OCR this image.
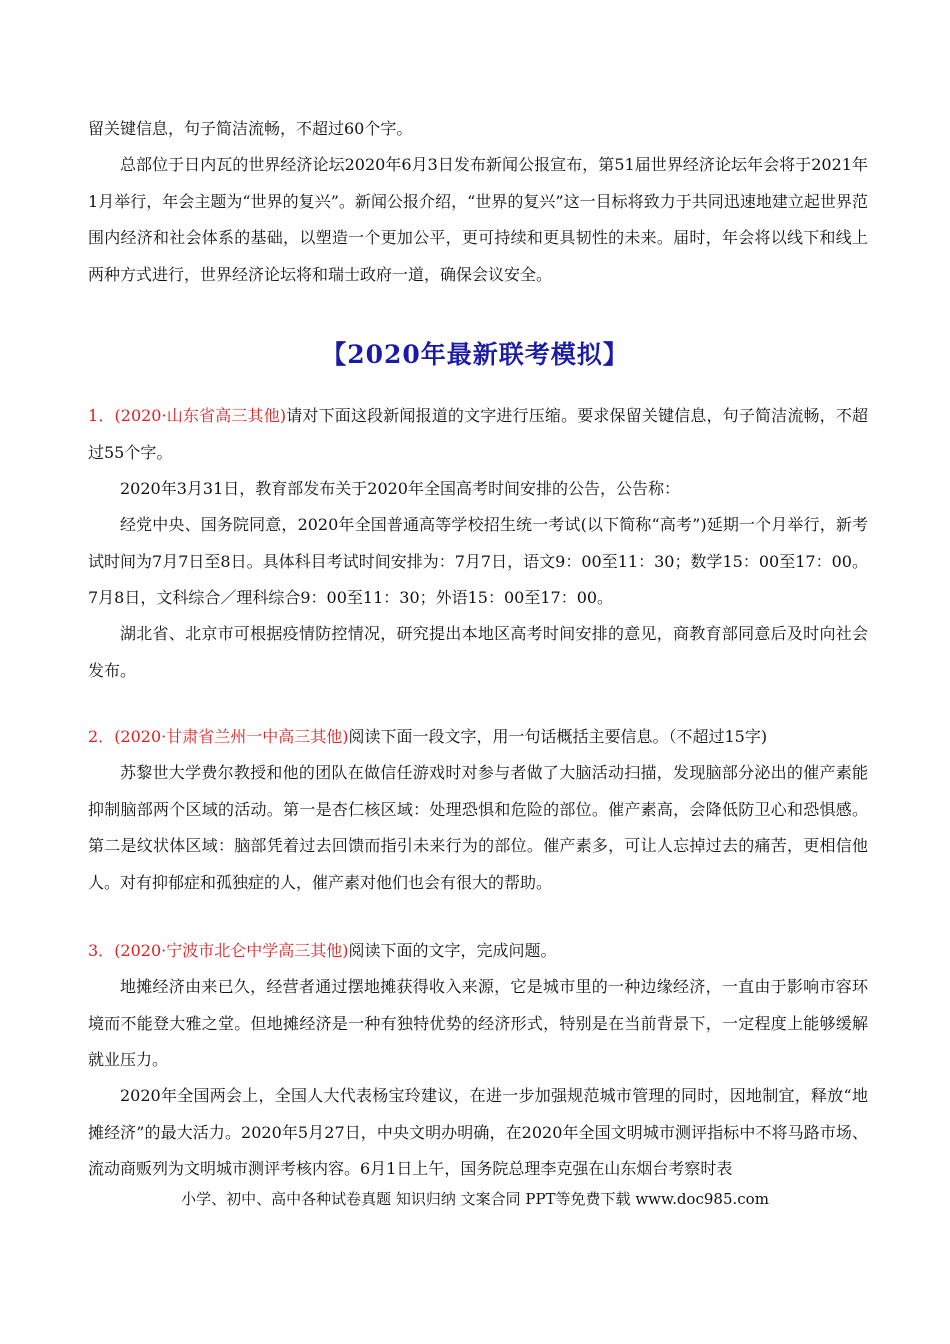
留关键信息，句子简洁流畅，不超过60个字。

总部位于日内瓦的世界经济论坛2020年6月3日发布新闻公报宣布，第51届世界经济论坛年会将于2021年1月举行，年会主题为“世界的复兴”。新闻公报介绍，“世界的复兴”这一目标将致力于共同迅速地建立起世界范围内经济和社会体系的基础，以塑造一个更加公平，更可持续和更具韧性的未来。届时，年会将以线下和线上两种方式进行，世界经济论坛将和瑞士政府一道，确保会议安全。

【2020年最新联考模拟】

1．(2020·山东省高三其他)请对下面这段新闻报道的文字进行压缩。要求保留关键信息，句子简洁流畅，不超过55个字。

2020年3月31日，教育部发布关于2020年全国高考时间安排的公告，公告称：

经党中央、国务院同意，2020年全国普通高等学校招生统一考试(以下简称“高考”)延期一个月举行，新考试时间为7月7日至8日。具体科目考试时间安排为：7月7日，语文9：00至11：30；数学15：00至17：00。7月8日，文科综合／理科综合9：00至11：30；外语15：00至17：00。

湖北省、北京市可根据疫情防控情况，研究提出本地区高考时间安排的意见，商教育部同意后及时向社会发布。

2．(2020·甘肃省兰州一中高三其他)阅读下面一段文字，用一句话概括主要信息。（不超过15字)

苏黎世大学费尔教授和他的团队在做信任游戏时对参与者做了大脑活动扫描，发现脑部分泌出的催产素能抑制脑部两个区域的活动。第一是杏仁核区域：处理恐惧和危险的部位。催产素高，会降低防卫心和恐惧感。第二是纹状体区域：脑部凭着过去回馈而指引未来行为的部位。催产素多，可让人忘掉过去的痛苦，更相信他人。对有抑郁症和孤独症的人，催产素对他们也会有很大的帮助。

3．(2020·宁波市北仑中学高三其他)阅读下面的文字，完成问题。

地摊经济由来已久，经营者通过摆地摊获得收入来源，它是城市里的一种边缘经济，一直由于影响市容环境而不能登大雅之堂。但地摊经济是一种有独特优势的经济形式，特别是在当前背景下，一定程度上能够缓解就业压力。

2020年全国两会上，全国人大代表杨宝玲建议，在进一步加强规范城市管理的同时，因地制宜，释放“地摊经济”的最大活力。2020年5月27日，中央文明办明确，在2020年全国文明城市测评指标中不将马路市场、流动商贩列为文明城市测评考核内容。6月1日上午，国务院总理李克强在山东烟台考察时表

小学、初中、高中各种试卷真题 知识归纳 文案合同 PPT等免费下载 www.doc985.com
